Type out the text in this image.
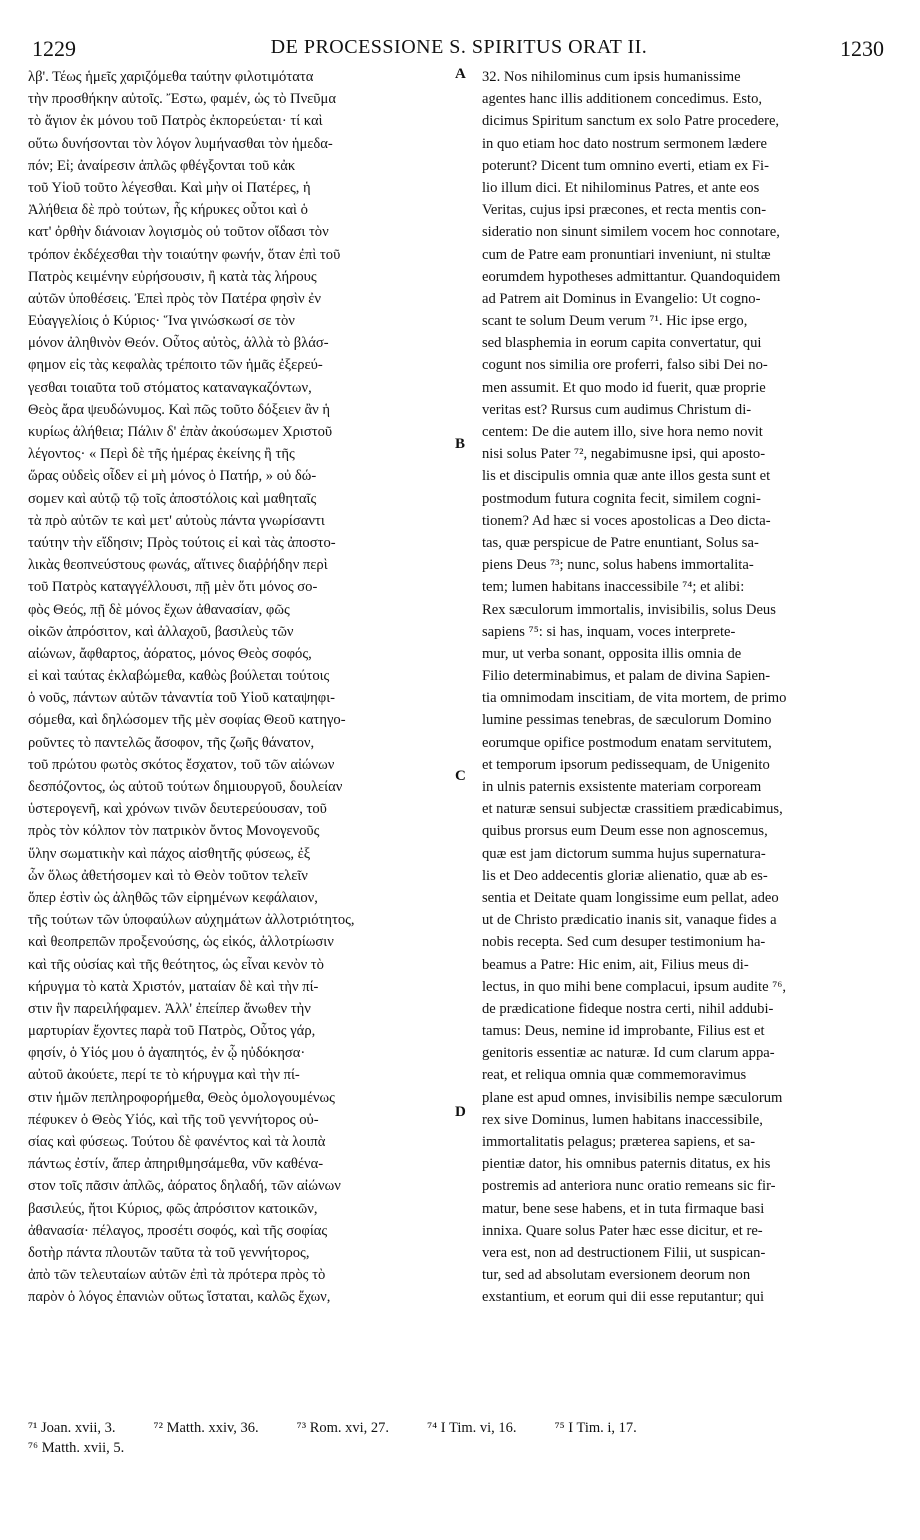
1229	DE PROCESSIONE S. SPIRITUS ORAT II.	1230
λβ'. Τέως ἡμεῖς χαριζόμεθα ταύτην φιλοτιμότατα
τὴν προσθήκην αὐτοῖς. Ἔστω, φαμέν, ὡς τὸ Πνεῦμα
τὸ ἅγιον ἐκ μόνου τοῦ Πατρὸς ἐκπορεύεται· τί καὶ
οὕτω δυνήσονται τὸν λόγον λυμήνασθαι τὸν ἡμεδα-
πόν; Εἰ; ἀναίρεσιν ἁπλῶς φθέγξονται τοῦ κἀκ
τοῦ Υἱοῦ τοῦτο λέγεσθαι. Καὶ μὴν οἱ Πατέρες, ἡ
Ἀλήθεια δὲ πρὸ τούτων, ἧς κήρυκες οὗτοι καὶ ὁ
κατ' ὀρθὴν διάνοιαν λογισμὸς οὐ τοῦτον οἴδασι τὸν
τρόπον ἐκδέχεσθαι τὴν τοιαύτην φωνήν, ὅταν ἐπὶ τοῦ
Πατρὸς κειμένην εὑρήσουσιν, ἢ κατὰ τὰς λήρους
αὐτῶν ὑποθέσεις. Ἐπεὶ πρὸς τὸν Πατέρα φησὶν ἐν
Εὐαγγελίοις ὁ Κύριος· Ἵνα γινώσκωσί σε τὸν
μόνον ἀληθινὸν Θεόν. Οὗτος αὐτὸς, ἀλλὰ τὸ βλάσ-
φημον εἰς τὰς κεφαλὰς τρέποιτο τῶν ἡμᾶς ἐξερεύ-
γεσθαι τοιαῦτα τοῦ στόματος καταναγκαζόντων,
Θεὸς ἄρα ψευδώνυμος. Καὶ πῶς τοῦτο δόξειεν ἂν ἡ
κυρίως ἀλήθεια; Πάλιν δ' ἐπὰν ἀκούσωμεν Χριστοῦ
λέγοντος· « Περὶ δὲ τῆς ἡμέρας ἐκείνης ἢ τῆς
ὥρας οὐδεὶς οἶδεν εἰ μὴ μόνος ὁ Πατήρ, » οὐ δώ-
σομεν καὶ αὐτῷ τῷ τοῖς ἀποστόλοις καὶ μαθηταῖς
τὰ πρὸ αὐτῶν τε καὶ μετ' αὐτοὺς πάντα γνωρίσαντι
ταύτην τὴν εἴδησιν; Πρὸς τούτοις εἰ καὶ τὰς ἀποστο-
λικὰς θεοπνεύστους φωνάς, αἵτινες διαῤῥήδην περὶ
τοῦ Πατρὸς καταγγέλλουσι, πῇ μὲν ὅτι μόνος σο-
φὸς Θεός, πῇ δὲ μόνος ἔχων ἀθανασίαν, φῶς
οἰκῶν ἀπρόσιτον, καὶ ἀλλαχοῦ, βασιλεὺς τῶν
αἰώνων, ἄφθαρτος, ἀόρατος, μόνος Θεὸς σοφός,
εἰ καὶ ταύτας ἐκλαβώμεθα, καθὼς βούλεται τούτοις
ὁ νοῦς, πάντων αὐτῶν τἀναντία τοῦ Υἱοῦ καταψηφι-
σόμεθα, καὶ δηλώσομεν τῆς μὲν σοφίας Θεοῦ κατηγο-
ροῦντες τὸ παντελῶς ἄσοφον, τῆς ζωῆς θάνατον,
τοῦ πρώτου φωτὸς σκότος ἔσχατον, τοῦ τῶν αἰώνων
δεσπόζοντος, ὡς αὐτοῦ τούτων δημιουργοῦ, δουλείαν
ὑστερογενῆ, καὶ χρόνων τινῶν δευτερεύουσαν, τοῦ
πρὸς τὸν κόλπον τὸν πατρικὸν ὄντος Μονογενοῦς
ὕλην σωματικὴν καὶ πάχος αἰσθητῆς φύσεως, ἐξ
ὧν ὅλως ἀθετήσομεν καὶ τὸ Θεὸν τοῦτον τελεῖν
ὅπερ ἐστὶν ὡς ἀληθῶς τῶν εἰρημένων κεφάλαιον,
τῆς τούτων τῶν ὑποφαύλων αὐχημάτων ἀλλοτριότητος,
καὶ θεοπρεπῶν προξενούσης, ὡς εἰκός, ἀλλοτρίωσιν
καὶ τῆς οὐσίας καὶ τῆς θεότητος, ὡς εἶναι κενὸν τὸ
κήρυγμα τὸ κατὰ Χριστόν, ματαίαν δὲ καὶ τὴν πί-
στιν ἣν παρειλήφαμεν. Ἀλλ' ἐπείπερ ἄνωθεν τὴν
μαρτυρίαν ἔχοντες παρὰ τοῦ Πατρὸς, Οὗτος γάρ,
φησίν, ὁ Υἱός μου ὁ ἀγαπητός, ἐν ᾧ ηὐδόκησα·
αὐτοῦ ἀκούετε, περί τε τὸ κήρυγμα καὶ τὴν πί-
στιν ἡμῶν πεπληροφορήμεθα, Θεὸς ὁμολογουμένως
πέφυκεν ὁ Θεὸς Υἱός, καὶ τῆς τοῦ γεννήτορος οὐ-
σίας καὶ φύσεως. Τούτου δὲ φανέντος καὶ τὰ λοιπὰ
πάντως ἐστίν, ἅπερ ἀπηριθμησάμεθα, νῦν καθένα-
στον τοῖς πᾶσιν ἁπλῶς, ἀόρατος δηλαδή, τῶν αἰώνων
βασιλεύς, ἤτοι Κύριος, φῶς ἀπρόσιτον κατοικῶν,
ἀθανασία· πέλαγος, προσέτι σοφός, καὶ τῆς σοφίας
δοτὴρ πάντα πλουτῶν ταῦτα τὰ τοῦ γεννήτορος,
ἀπὸ τῶν τελευταίων αὐτῶν ἐπὶ τὰ πρότερα πρὸς τὸ
παρὸν ὁ λόγος ἐπανιὼν οὕτως ἵσταται, καλῶς ἔχων,
32. Nos nihilominus cum ipsis humanissime
agentes hanc illis additionem concedimus. Esto,
dicimus Spiritum sanctum ex solo Patre procedere,
in quo etiam hoc dato nostrum sermonem lædere
poterunt? Dicent tum omnino everti, etiam ex Fi-
lio illum dici. Et nihilominus Patres, et ante eos
Veritas, cujus ipsi præcones, et recta mentis con-
sideratio non sinunt similem vocem hoc connotare,
cum de Patre eam pronuntiari inveniunt, ni stultæ
eorumdem hypotheses admittantur. Quandoquidem
ad Patrem ait Dominus in Evangelio: Ut cogno-
scant te solum Deum verum ⁷¹. Hic ipse ergo,
sed blasphemia in eorum capita convertatur, qui
cogunt nos similia ore proferri, falso sibi Dei no-
men assumit. Et quo modo id fuerit, quæ proprie
veritas est? Rursus cum audimus Christum di-
centem: De die autem illo, sive hora nemo novit
nisi solus Pater ⁷², negabimusne ipsi, qui aposto-
lis et discipulis omnia quæ ante illos gesta sunt et
postmodum futura cognita fecit, similem cogni-
tionem? Ad hæc si voces apostolicas a Deo dicta-
tas, quæ perspicue de Patre enuntiant, Solus sa-
piens Deus ⁷³; nunc, solus habens immortalita-
tem; lumen habitans inaccessibile ⁷⁴; et alibi:
Rex sæculorum immortalis, invisibilis, solus Deus
sapiens ⁷⁵: si has, inquam, voces interprete-
mur, ut verba sonant, opposita illis omnia de
Filio determinabimus, et palam de divina Sapien-
tia omnimodam inscitiam, de vita mortem, de primo
lumine pessimas tenebras, de sæculorum Domino
eorumque opifice postmodum enatam servitutem,
et temporum ipsorum pedissequam, de Unigenito
in ulnis paternis exsistente materiam corpoream
et naturæ sensui subjectæ crassitiem prædicabimus,
quibus prorsus eum Deum esse non agnoscemus,
quæ est jam dictorum summa hujus supernatura-
lis et Deo addecentis gloriæ alienatio, quæ ab es-
sentia et Deitate quam longissime eum pellat, adeo
ut de Christo prædicatio inanis sit, vanaque fides a
nobis recepta. Sed cum desuper testimonium ha-
beamus a Patre: Hic enim, ait, Filius meus di-
lectus, in quo mihi bene complacui, ipsum audite ⁷⁶,
de prædicatione fideque nostra certi, nihil addubi-
tamus: Deus, nemine id improbante, Filius est et
genitoris essentiæ ac naturæ. Id cum clarum appa-
reat, et reliqua omnia quæ commemoravimus
plane est apud omnes, invisibilis nempe sæculorum
rex sive Dominus, lumen habitans inaccessibile,
immortalitatis pelagus; præterea sapiens, et sa-
pientiæ dator, his omnibus paternis ditatus, ex his
postremis ad anteriora nunc oratio remeans sic fir-
matur, bene sese habens, et in tuta firmaque basi
innixa. Quare solus Pater hæc esse dicitur, et re-
vera est, non ad destructionem Filii, ut suspican-
tur, sed ad absolutam eversionem deorum non
exstantium, et eorum qui dii esse reputantur; qui
A
B
C
D
⁷¹ Joan. xvii, 3.	⁷² Matth. xxiv, 36.	⁷³ Rom. xvi, 27.	⁷⁴ I Tim. vi, 16.	⁷⁵ I Tim. i, 17.
⁷⁶ Matth. xvii, 5.
